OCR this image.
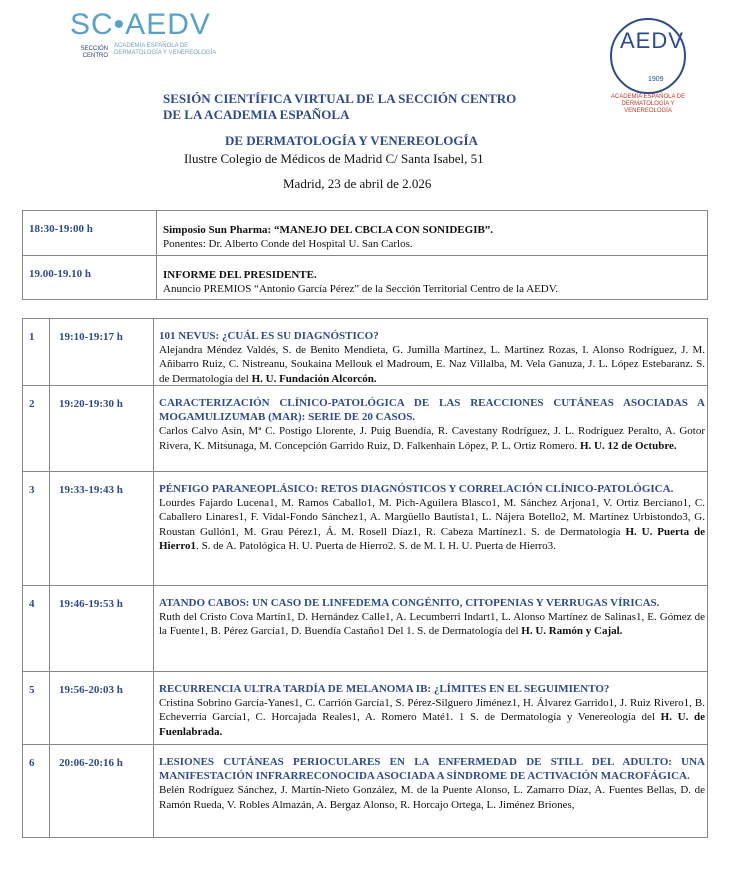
SC•AEDV
SECCIÓN CENTRO
ACADEMIA ESPAÑOLA DE DERMATOLOGÍA Y VENEREOLOGÍA	AEDV
1909
ACADEMIA ESPAÑOLA DE DERMATOLOGÍA Y VENEREOLOGÍA
SESIÓN CIENTÍFICA VIRTUAL DE LA SECCIÓN CENTRO
DE LA ACADEMIA ESPAÑOLA
DE DERMATOLOGÍA Y VENEREOLOGÍA
Ilustre Colegio de Médicos de Madrid C/ Santa Isabel, 51
Madrid, 23 de abril de 2.026
18:30-19:00 h	Simposio Sun Pharma: “MANEJO DEL CBCLA CON SONIDEGIB”.
Ponentes: Dr. Alberto Conde del Hospital U. San Carlos.
19.00-19.10 h	INFORME DEL PRESIDENTE.
Anuncio PREMIOS “Antonio García Pérez” de la Sección Territorial Centro de la AEDV.
1 19:10-19:17 h	101 NEVUS: ¿CUÁL ES SU DIAGNÓSTICO?
Alejandra Méndez Valdés, S. de Benito Mendieta, G. Jumilla Martínez, L. Martínez Rozas, I. Alonso Rodríguez, J. M. Añibarro Ruiz, C. Nistreanu, Soukaina Mellouk el Madroum, E. Naz Villalba, M. Vela Ganuza, J. L. López Estebaranz. S. de Dermatología del H. U. Fundación Alcorcón.
2 19:20-19:30 h	CARACTERIZACIÓN CLÍNICO-PATOLÓGICA DE LAS REACCIONES CUTÁNEAS ASOCIADAS A MOGAMULIZUMAB (MAR): SERIE DE 20 CASOS.
Carlos Calvo Asín, Mª C. Postigo Llorente, J. Puig Buendía, R. Cavestany Rodríguez, J. L. Rodríguez Peralto, A. Gotor Rivera, K. Mitsunaga, M. Concepción Garrido Ruiz, D. Falkenhain López, P. L. Ortiz Romero. H. U. 12 de Octubre.
3 19:33-19:43 h	PÉNFIGO PARANEOPLÁSICO: RETOS DIAGNÓSTICOS Y CORRELACIÓN CLÍNICO-PATOLÓGICA.
Lourdes Fajardo Lucena1, M. Ramos Caballo1, M. Pich-Aguilera Blasco1, M. Sánchez Arjona1, V. Ortiz Berciano1, C. Caballero Linares1, F. Vidal-Fondo Sánchez1, A. Margüello Bautista1, L. Nájera Botello2, M. Martínez Urbistondo3, G. Roustan Gullón1, M. Grau Pérez1, Á. M. Rosell Díaz1, R. Cabeza Martínez1. S. de Dermatología H. U. Puerta de Hierro1. S. de A. Patológica H. U. Puerta de Hierro2. S. de M. I. H. U. Puerta de Hierro3.
4 19:46-19:53 h	ATANDO CABOS: UN CASO DE LINFEDEMA CONGÉNITO, CITOPENIAS Y VERRUGAS VÍRICAS.
Ruth del Cristo Cova Martín1, D. Hernández Calle1, A. Lecumberri Indart1, L. Alonso Martínez de Salinas1, E. Gómez de la Fuente1, B. Pérez García1, D. Buendía Castaño1 Del 1. S. de Dermatología del H. U. Ramón y Cajal.
5 19:56-20:03 h	RECURRENCIA ULTRA TARDÍA DE MELANOMA IB: ¿LÍMITES EN EL SEGUIMIENTO?
Cristina Sobrino García-Yanes1, C. Carrión García1, S. Pérez-Silguero Jiménez1, H. Álvarez Garrido1, J. Ruiz Rivero1, B. Echeverría García1, C. Horcajada Reales1, A. Romero Maté1. 1 S. de Dermatología y Venereología del H. U. de Fuenlabrada.
6 20:06-20:16 h	LESIONES CUTÁNEAS PERIOCULARES EN LA ENFERMEDAD DE STILL DEL ADULTO: UNA MANIFESTACIÓN INFRARRECONOCIDA ASOCIADA A SÍNDROME DE ACTIVACIÓN MACROFÁGICA.
Belén Rodríguez Sánchez, J. Martín-Nieto González, M. de la Puente Alonso, L. Zamarro Díaz, A. Fuentes Bellas, D. de Ramón Rueda, V. Robles Almazán, A. Bergaz Alonso, R. Horcajo Ortega, L. Jiménez Briones,
